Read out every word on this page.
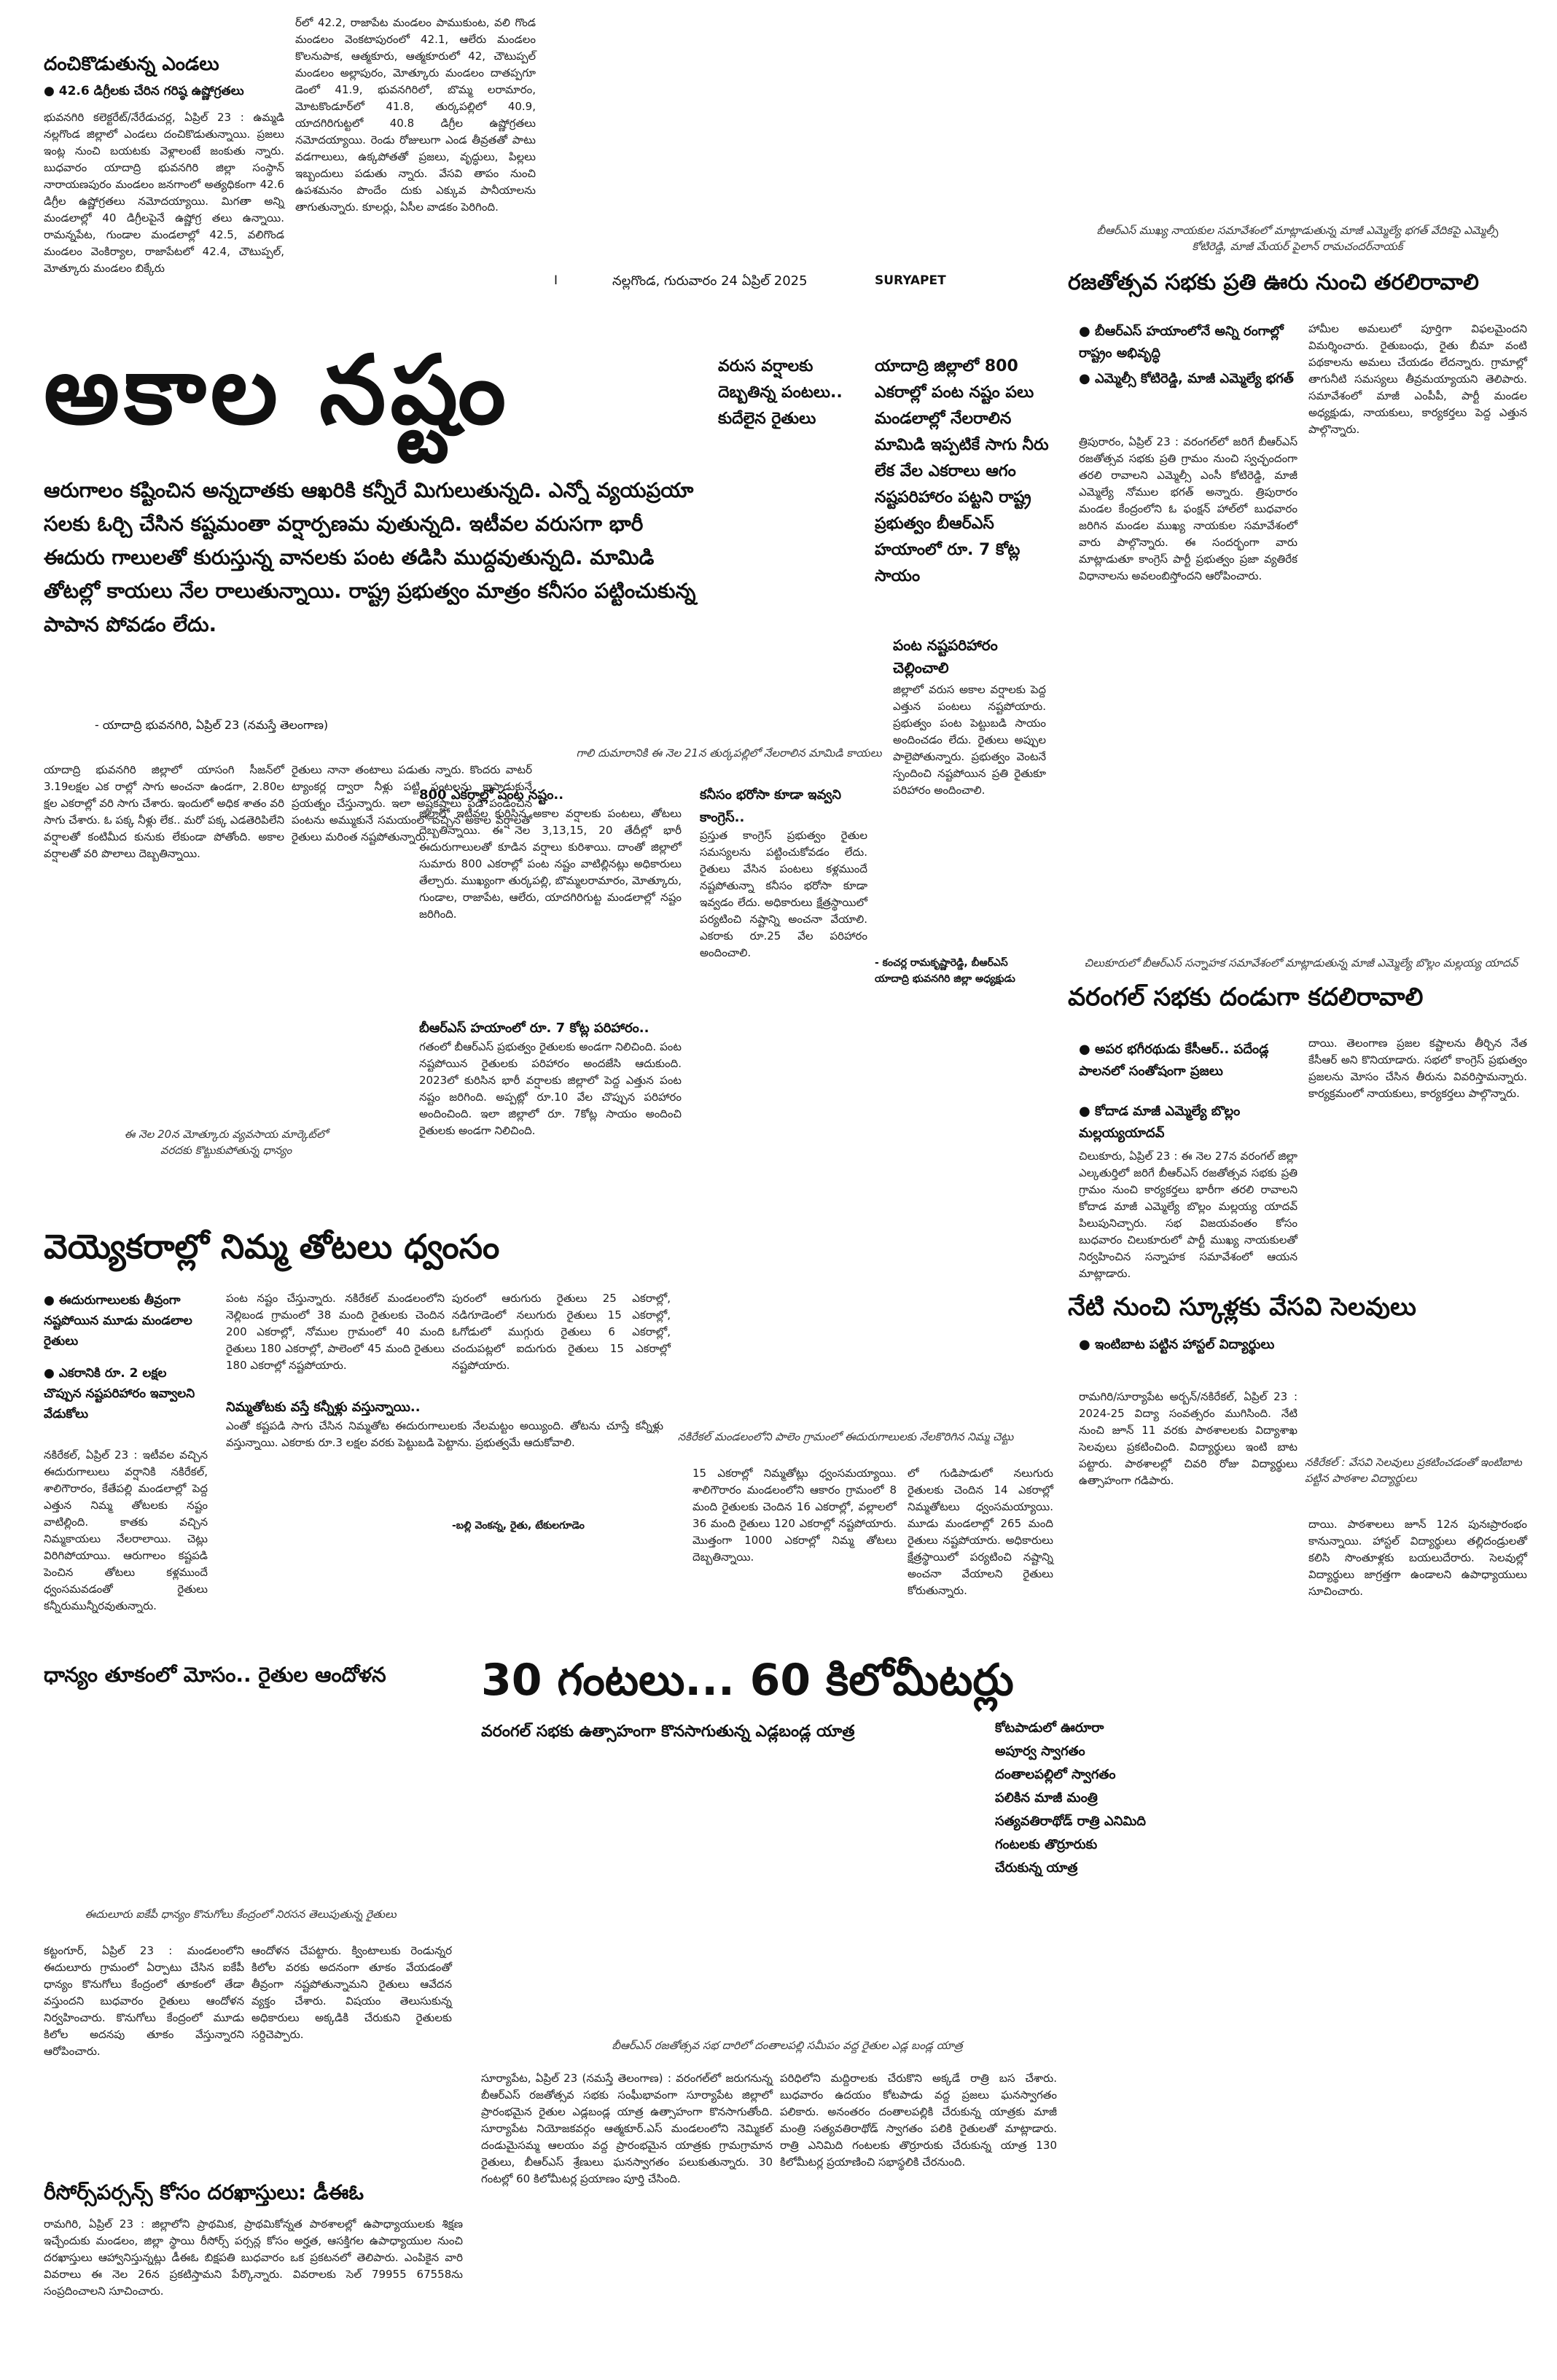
దంచికొడుతున్న ఎండలు
● 42.6 డిగ్రీలకు చేరిన గరిష్ఠ ఉష్ణోగ్రతలు
భువనగిరి కలెక్టరేట్/నేరేడుచర్ల, ఏప్రిల్ 23 : ఉమ్మడి నల్లగొండ జిల్లాలో ఎండలు దంచికొడుతున్నాయి. ప్రజలు ఇంట్ల నుంచి బయటకు వెళ్లాలంటే జంకుతు న్నారు. బుధవారం యాదాద్రి భువనగిరి జిల్లా సంస్థాన్ నారాయణపురం మండలం జనగాంలో అత్యధికంగా 42.6 డిగ్రీల ఉష్ణోగ్రతలు నమోదయ్యాయి. మిగతా అన్ని మండలాల్లో 40 డిగ్రీలపైనే ఉష్ణోగ్ర తలు ఉన్నాయి. రామన్నపేట, గుండాల మండలాల్లో 42.5, వలిగొండ మండలం వెంకిర్యాల, రాజాపేటలో 42.4, చౌటుప్పల్, మోత్కూరు మండలం బిక్కేరు
ర్‌లో 42.2, రాజాపేట మండలం పాముకుంట, వలి గొండ మండలం వెంకటాపురంలో 42.1, ఆలేరు మండలం కొలనుపాక, ఆత్మకూరు, ఆత్మకూరులో 42, చౌటుప్పల్ మండలం అల్లాపురం, మోత్కూరు మండలం దాతప్పగూ డెంలో 41.9, భువనగిరిలో, బొమ్మ లరామారం, మోటకొండూర్‌లో 41.8, తుర్కపల్లిలో 40.9, యాదగిరిగుట్టలో 40.8 డిగ్రీల ఉష్ణోగ్రతలు నమోదయ్యాయి. రెండు రోజులుగా ఎండ తీవ్రతతో పాటు వడగాలులు, ఉక్కపోతతో ప్రజలు, వృద్ధులు, పిల్లలు ఇబ్బందులు పడుతు న్నారు. వేసవి తాపం నుంచి ఉపశమనం పొందేం దుకు ఎక్కువ పానీయాలను తాగుతున్నారు. కూలర్లు, ఏసీల వాడకం పెరిగింది.
I	నల్లగొండ, గురువారం 24 ఏప్రిల్ 2025	SURYAPET
అకాల నష్టం	వరుస వర్షాలకు దెబ్బతిన్న పంటలు.. కుదేలైన రైతులు
యాదాద్రి జిల్లాలో 800 ఎకరాల్లో పంట నష్టం పలు మండలాల్లో నేలరాలిన మామిడి ఇప్పటికే సాగు నీరు లేక వేల ఎకరాలు ఆగం నష్టపరిహారం పట్టని రాష్ట్ర ప్రభుత్వం బీఆర్‌ఎస్ హయాంలో రూ. 7 కోట్ల సాయం
ఆరుగాలం కష్టించిన అన్నదాతకు ఆఖరికి కన్నీరే మిగులుతున్నది. ఎన్నో వ్యయప్రయా సలకు ఓర్చి చేసిన కష్టమంతా వర్షార్పణమ వుతున్నది. ఇటీవల వరుసగా భారీ ఈదురు గాలులతో కురుస్తున్న వానలకు పంట తడిసి ముద్దవుతున్నది. మామిడి తోటల్లో కాయలు నేల రాలుతున్నాయి. రాష్ట్ర ప్రభుత్వం మాత్రం కనీసం పట్టించుకున్న పాపాన పోవడం లేదు.
- యాదాద్రి భువనగిరి, ఏప్రిల్ 23 (నమస్తే తెలంగాణ)
యాదాద్రి భువనగిరి జిల్లాలో యాసంగి సీజన్‌లో 3.19లక్షల ఎక రాల్లో సాగు అంచనా ఉండగా, 2.80ల క్షల ఎకరాల్లో వరి సాగు చేశారు. ఇందులో అధిక శాతం వరి సాగు చేశారు. ఓ పక్క నీళ్లు లేక.. మరో పక్క ఎడతెరిపిలేని వర్షాలతో కంటిమీద కునుకు లేకుండా పోతోంది. అకాల వర్షాలతో వరి పొలాలు దెబ్బతిన్నాయి.
రైతులు నానా తంటాలు పడుతు న్నారు. కొందరు వాటర్ ట్యాంకర్ల ద్వారా నీళ్లు పట్టి పంటలను కాపాడుకునే ప్రయత్నం చేస్తున్నారు. ఇలా అష్టకష్టాలు పడి పండించిన పంటను అమ్ముకునే సమయంలో వచ్చిన అకాల వర్షాలతో రైతులు మరింత నష్టపోతున్నారు.
గాలి దుమారానికి ఈ నెల 21న తుర్కపల్లిలో నేలరాలిన మామిడి కాయలు
ఈ నెల 20న మోత్కూరు వ్యవసాయ మార్కెట్‌లో వరదకు కొట్టుకుపోతున్న ధాన్యం
800 ఎకరాల్లో పంట నష్టం..
జిల్లాలో ఇటీవల కురిసిన అకాల వర్షాలకు పంటలు, తోటలు దెబ్బతిన్నాయి. ఈ నెల 3,13,15, 20 తేదీల్లో భారీ ఈదురుగాలులతో కూడిన వర్షాలు కురిశాయి. దాంతో జిల్లాలో సుమారు 800 ఎకరాల్లో పంట నష్టం వాటిల్లినట్లు అధికారులు తేల్చారు. ముఖ్యంగా తుర్కపల్లి, బొమ్మలరామారం, మోత్కూరు, గుండాల, రాజాపేట, ఆలేరు, యాదగిరిగుట్ట మండలాల్లో నష్టం జరిగింది.
బీఆర్‌ఎస్ హయాంలో రూ. 7 కోట్ల పరిహారం..
గతంలో బీఆర్‌ఎస్ ప్రభుత్వం రైతులకు అండగా నిలిచింది. పంట నష్టపోయిన రైతులకు పరిహారం అందజేసి ఆదుకుంది. 2023లో కురిసిన భారీ వర్షాలకు జిల్లాలో పెద్ద ఎత్తున పంట నష్టం జరిగింది. అప్పట్లో రూ.10 వేల చొప్పున పరిహారం అందించింది. ఇలా జిల్లాలో రూ. 7కోట్ల సాయం అందించి రైతులకు అండగా నిలిచింది.
కనీసం భరోసా కూడా ఇవ్వని కాంగ్రెస్..
ప్రస్తుత కాంగ్రెస్ ప్రభుత్వం రైతుల సమస్యలను పట్టించుకోవడం లేదు. రైతులు వేసిన పంటలు కళ్లముందే నష్టపోతున్నా కనీసం భరోసా కూడా ఇవ్వడం లేదు. అధికారులు క్షేత్రస్థాయిలో పర్యటించి నష్టాన్ని అంచనా వేయాలి. ఎకరాకు రూ.25 వేల పరిహారం అందించాలి.
- కంచర్ల రామకృష్ణారెడ్డి, బీఆర్‌ఎస్ యాదాద్రి భువనగిరి జిల్లా అధ్యక్షుడు
పంట నష్టపరిహారం చెల్లించాలి
జిల్లాలో వరుస అకాల వర్షాలకు పెద్ద ఎత్తున పంటలు నష్టపోయారు. ప్రభుత్వం పంట పెట్టుబడి సాయం అందించడం లేదు. రైతులు అప్పుల పాలైపోతున్నారు. ప్రభుత్వం వెంటనే స్పందించి నష్టపోయిన ప్రతి రైతుకూ పరిహారం అందించాలి.
బీఆర్‌ఎస్ ముఖ్య నాయకుల సమావేశంలో మాట్లాడుతున్న మాజీ ఎమ్మెల్యే భగత్ వేదికపై ఎమ్మెల్సీ కోటిరెడ్డి, మాజీ మేయర్ పైలాన్ రామచందర్‌నాయక్
రజతోత్సవ సభకు ప్రతి ఊరు నుంచి తరలిరావాలి
● బీఆర్‌ఎస్ హయాంలోనే అన్ని రంగాల్లో రాష్ట్రం అభివృద్ధి
● ఎమ్మెల్సీ కోటిరెడ్డి, మాజీ ఎమ్మెల్యే భగత్
త్రిపురారం, ఏప్రిల్ 23 : వరంగల్‌లో జరిగే బీఆర్‌ఎస్ రజతోత్సవ సభకు ప్రతి గ్రామం నుంచి స్వచ్ఛందంగా తరలి రావాలని ఎమ్మెల్సీ ఎంసీ కోటిరెడ్డి, మాజీ ఎమ్మెల్యే నోముల భగత్ అన్నారు. త్రిపురారం మండల కేంద్రంలోని ఓ ఫంక్షన్ హాల్‌లో బుధవారం జరిగిన మండల ముఖ్య నాయకుల సమావేశంలో వారు పాల్గొన్నారు. ఈ సందర్భంగా వారు మాట్లాడుతూ కాంగ్రెస్ పార్టీ ప్రభుత్వం ప్రజా వ్యతిరేక విధానాలను అవలంబిస్తోందని ఆరోపించారు.
హామీల అమలులో పూర్తిగా విఫలమైందని విమర్శించారు. రైతుబంధు, రైతు బీమా వంటి పథకాలను అమలు చేయడం లేదన్నారు. గ్రామాల్లో తాగునీటి సమస్యలు తీవ్రమయ్యాయని తెలిపారు. సమావేశంలో మాజీ ఎంపీపీ, పార్టీ మండల అధ్యక్షుడు, నాయకులు, కార్యకర్తలు పెద్ద ఎత్తున పాల్గొన్నారు.
చిలుకూరులో బీఆర్‌ఎస్ సన్నాహక సమావేశంలో మాట్లాడుతున్న మాజీ ఎమ్మెల్యే బొల్లం మల్లయ్య యాదవ్
వరంగల్ సభకు దండుగా కదలిరావాలి
● అపర భగీరథుడు కేసీఆర్.. పదేండ్ల పాలనలో సంతోషంగా ప్రజలు
● కోదాడ మాజీ ఎమ్మెల్యే బొల్లం మల్లయ్యయాదవ్
చిలుకూరు, ఏప్రిల్ 23 : ఈ నెల 27న వరంగల్ జిల్లా ఎల్కతుర్తిలో జరిగే బీఆర్‌ఎస్ రజతోత్సవ సభకు ప్రతి గ్రామం నుంచి కార్యకర్తలు భారీగా తరలి రావాలని కోదాడ మాజీ ఎమ్మెల్యే బొల్లం మల్లయ్య యాదవ్ పిలుపునిచ్చారు. సభ విజయవంతం కోసం బుధవారం చిలుకూరులో పార్టీ ముఖ్య నాయకులతో నిర్వహించిన సన్నాహక సమావేశంలో ఆయన మాట్లాడారు.
దాయి. తెలంగాణ ప్రజల కష్టాలను తీర్చిన నేత కేసీఆర్ అని కొనియాడారు. సభలో కాంగ్రెస్ ప్రభుత్వం ప్రజలను మోసం చేసిన తీరును వివరిస్తామన్నారు. కార్యక్రమంలో నాయకులు, కార్యకర్తలు పాల్గొన్నారు.
నేటి నుంచి స్కూళ్లకు వేసవి సెలవులు
● ఇంటిబాట పట్టిన హాస్టల్ విద్యార్థులు
రామగిరి/సూర్యాపేట అర్బన్/నకిరేకల్, ఏప్రిల్ 23 : 2024-25 విద్యా సంవత్సరం ముగిసింది. నేటి నుంచి జూన్ 11 వరకు పాఠశాలలకు విద్యాశాఖ సెలవులు ప్రకటించింది. విద్యార్థులు ఇంటి బాట పట్టారు. పాఠశాలల్లో చివరి రోజు విద్యార్థులు ఉత్సాహంగా గడిపారు.
నకిరేకల్ : వేసవి సెలవులు ప్రకటించడంతో ఇంటిబాట పట్టిన పాఠశాల విద్యార్థులు
దాయి. పాఠశాలలు జూన్ 12న పునఃప్రారంభం కానున్నాయి. హాస్టల్ విద్యార్థులు తల్లిదండ్రులతో కలిసి సొంతూళ్లకు బయలుదేరారు. సెలవుల్లో విద్యార్థులు జాగ్రత్తగా ఉండాలని ఉపాధ్యాయులు సూచించారు.
వెయ్యెకరాల్లో నిమ్మ తోటలు ధ్వంసం
● ఈదురుగాలులకు తీవ్రంగా నష్టపోయిన మూడు మండలాల రైతులు
● ఎకరానికి రూ. 2 లక్షల చొప్పున నష్టపరిహారం ఇవ్వాలని వేడుకోలు
నకిరేకల్, ఏప్రిల్ 23 : ఇటీవల వచ్చిన ఈదురుగాలులు వర్షానికి నకిరేకల్, శాలిగౌరారం, కేతేపల్లి మండలాల్లో పెద్ద ఎత్తున నిమ్మ తోటలకు నష్టం వాటిల్లింది. కాతకు వచ్చిన నిమ్మకాయలు నేలరాలాయి. చెట్లు విరిగిపోయాయి. ఆరుగాలం కష్టపడి పెంచిన తోటలు కళ్లముందే ధ్వంసమవడంతో రైతులు కన్నీరుమున్నీరవుతున్నారు.
పంట నష్టం చేస్తున్నారు. నకిరేకల్ మండలంలోని నెల్లిబండ గ్రామంలో 38 మంది రైతులకు చెందిన 200 ఎకరాల్లో, నోముల గ్రామంలో 40 మంది రైతులు 180 ఎకరాల్లో, పాలెంలో 45 మంది రైతులు 180 ఎకరాల్లో నష్టపోయారు.
పురంలో ఆరుగురు రైతులు 25 ఎకరాల్లో, నడిగూడెంలో నలుగురు రైతులు 15 ఎకరాల్లో, ఓగోడులో ముగ్గురు రైతులు 6 ఎకరాల్లో, చందుపట్లలో ఐదుగురు రైతులు 15 ఎకరాల్లో నష్టపోయారు.
నిమ్మతోటకు వస్తే కన్నీళ్లు వస్తున్నాయి..
ఎంతో కష్టపడి సాగు చేసిన నిమ్మతోట ఈదురుగాలులకు నేలమట్టం అయ్యింది. తోటను చూస్తే కన్నీళ్లు వస్తున్నాయి. ఎకరాకు రూ.3 లక్షల వరకు పెట్టుబడి పెట్టాను. ప్రభుత్వమే ఆదుకోవాలి.
-బల్లి వెంకన్న, రైతు, టేకులగూడెం
నకిరేకల్ మండలంలోని పాలెం గ్రామంలో ఈదురుగాలులకు నేలకొరిగిన నిమ్మ చెట్టు
15 ఎకరాల్లో నిమ్మతోట్లు ధ్వంసమయ్యాయి. శాలిగౌరారం మండలంలోని ఆకారం గ్రామంలో 8 మంది రైతులకు చెందిన 16 ఎకరాల్లో, వల్లాలలో 36 మంది రైతులు 120 ఎకరాల్లో నష్టపోయారు. మొత్తంగా 1000 ఎకరాల్లో నిమ్మ తోటలు దెబ్బతిన్నాయి.
లో గుడిపాడులో నలుగురు రైతులకు చెందిన 14 ఎకరాల్లో నిమ్మతోటలు ధ్వంసమయ్యాయి. మూడు మండలాల్లో 265 మంది రైతులు నష్టపోయారు. అధికారులు క్షేత్రస్థాయిలో పర్యటించి నష్టాన్ని అంచనా వేయాలని రైతులు కోరుతున్నారు.
ధాన్యం తూకంలో మోసం.. రైతుల ఆందోళన
ఈదులూరు ఐకేపీ ధాన్యం కొనుగోలు కేంద్రంలో నిరసన తెలుపుతున్న రైతులు
కట్టంగూర్, ఏప్రిల్ 23 : మండలంలోని ఈదులూరు గ్రామంలో ఏర్పాటు చేసిన ఐకేపీ ధాన్యం కొనుగోలు కేంద్రంలో తూకంలో తేడా వస్తుందని బుధవారం రైతులు ఆందోళన నిర్వహించారు. కొనుగోలు కేంద్రంలో మూడు కిలోల అదనపు తూకం వేస్తున్నారని ఆరోపించారు.
ఆందోళన చేపట్టారు. క్వింటాలుకు రెండున్నర కిలోల వరకు అదనంగా తూకం వేయడంతో తీవ్రంగా నష్టపోతున్నామని రైతులు ఆవేదన వ్యక్తం చేశారు. విషయం తెలుసుకున్న అధికారులు అక్కడికి చేరుకుని రైతులకు సర్దిచెప్పారు.
30 గంటలు... 60 కిలోమీటర్లు
వరంగల్ సభకు ఉత్సాహంగా కొనసాగుతున్న ఎడ్లబండ్ల యాత్ర	కోటపాడులో ఊరూరా అపూర్వ స్వాగతం దంతాలపల్లిలో స్వాగతం పలికిన మాజీ మంత్రి సత్యవతిరాథోడ్ రాత్రి ఎనిమిది గంటలకు తొర్రూరుకు చేరుకున్న యాత్ర
బీఆర్‌ఎస్ రజతోత్సవ సభ దారిలో దంతాలపల్లి సమీపం వద్ద రైతుల ఎడ్ల బండ్ల యాత్ర
సూర్యాపేట, ఏప్రిల్ 23 (నమస్తే తెలంగాణ) : వరంగల్‌లో జరుగనున్న బీఆర్‌ఎస్ రజతోత్సవ సభకు సంఘీభావంగా సూర్యాపేట జిల్లాలో ప్రారంభమైన రైతుల ఎడ్లబండ్ల యాత్ర ఉత్సాహంగా కొనసాగుతోంది. సూర్యాపేట నియోజకవర్గం ఆత్మకూర్.ఎస్ మండలంలోని నెమ్మికల్ దండుమైసమ్మ ఆలయం వద్ద ప్రారంభమైన యాత్రకు గ్రామగ్రామాన రైతులు, బీఆర్‌ఎస్ శ్రేణులు ఘనస్వాగతం పలుకుతున్నారు. 30 గంటల్లో 60 కిలోమీటర్ల ప్రయాణం పూర్తి చేసింది.
పరిధిలోని మద్దిరాలకు చేరుకొని అక్కడే రాత్రి బస చేశారు. బుధవారం ఉదయం కోటపాడు వద్ద ప్రజలు ఘనస్వాగతం పలికారు. అనంతరం దంతాలపల్లికి చేరుకున్న యాత్రకు మాజీ మంత్రి సత్యవతిరాథోడ్ స్వాగతం పలికి రైతులతో మాట్లాడారు. రాత్రి ఎనిమిది గంటలకు తొర్రూరుకు చేరుకున్న యాత్ర 130 కిలోమీటర్ల ప్రయాణించి సభాస్థలికి చేరనుంది.
రీసోర్స్‌పర్సన్స్ కోసం దరఖాస్తులు: డీఈఓ
రామగిరి, ఏప్రిల్ 23 : జిల్లాలోని ప్రాథమిక, ప్రాథమికోన్నత పాఠశాలల్లో ఉపాధ్యాయులకు శిక్షణ ఇచ్చేందుకు మండలం, జిల్లా స్థాయి రీసోర్స్ పర్సన్ల కోసం అర్హత, ఆసక్తిగల ఉపాధ్యాయుల నుంచి దరఖాస్తులు ఆహ్వానిస్తున్నట్లు డీఈఓ బిక్షపతి బుధవారం ఒక ప్రకటనలో తెలిపారు. ఎంపికైన వారి వివరాలు ఈ నెల 26న ప్రకటిస్తామని పేర్కొన్నారు. వివరాలకు సెల్ 79955 67558ను సంప్రదించాలని సూచించారు.
